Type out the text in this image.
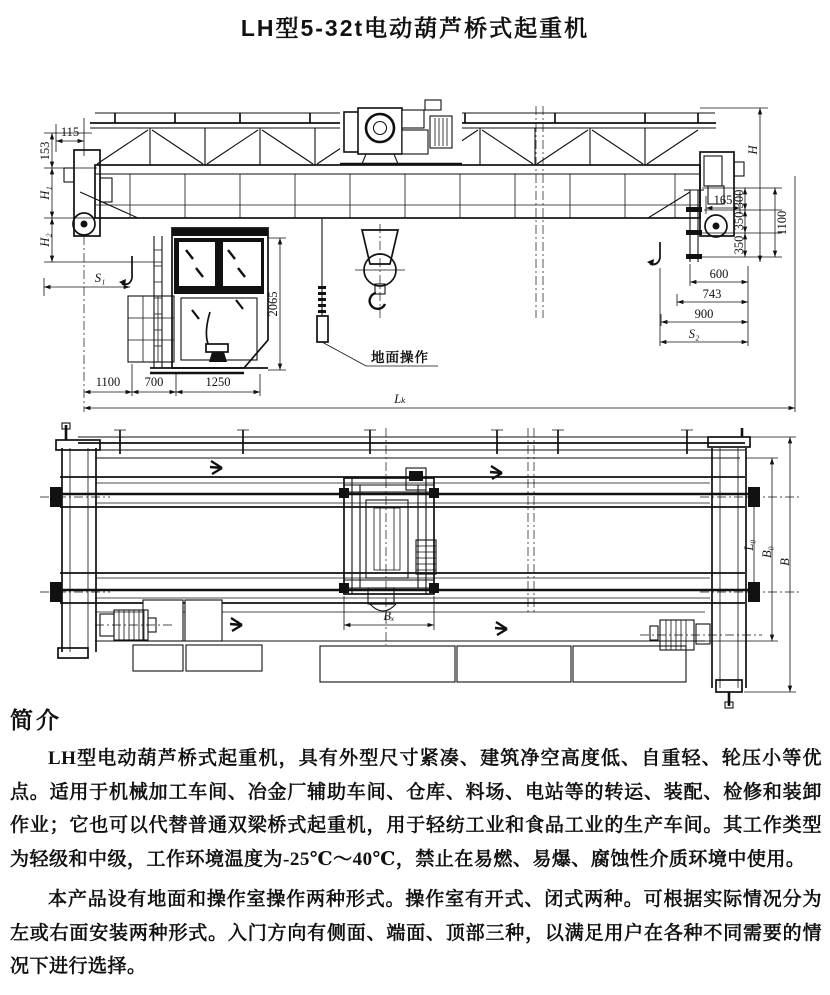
LH型5-32t电动葫芦桥式起重机
地面操作
115
153
H₁
H₂
S₁
2065
1100 700	1250
Lₖ
H
300
350
350
1100
165
600
743
900
S₂
Bₓ
L₀
B₀
B
简介

LH型电动葫芦桥式起重机，具有外型尺寸紧凑、建筑净空高度低、自重轻、轮压小等优点。适用于机械加工车间、冶金厂辅助车间、仓库、料场、电站等的转运、装配、检修和装卸作业；它也可以代替普通双梁桥式起重机，用于轻纺工业和食品工业的生产车间。其工作类型为轻级和中级，工作环境温度为-25℃～40℃，禁止在易燃、易爆、腐蚀性介质环境中使用。

本产品设有地面和操作室操作两种形式。操作室有开式、闭式两种。可根据实际情况分为左或右面安装两种形式。入门方向有侧面、端面、顶部三种，以满足用户在各种不同需要的情况下进行选择。
